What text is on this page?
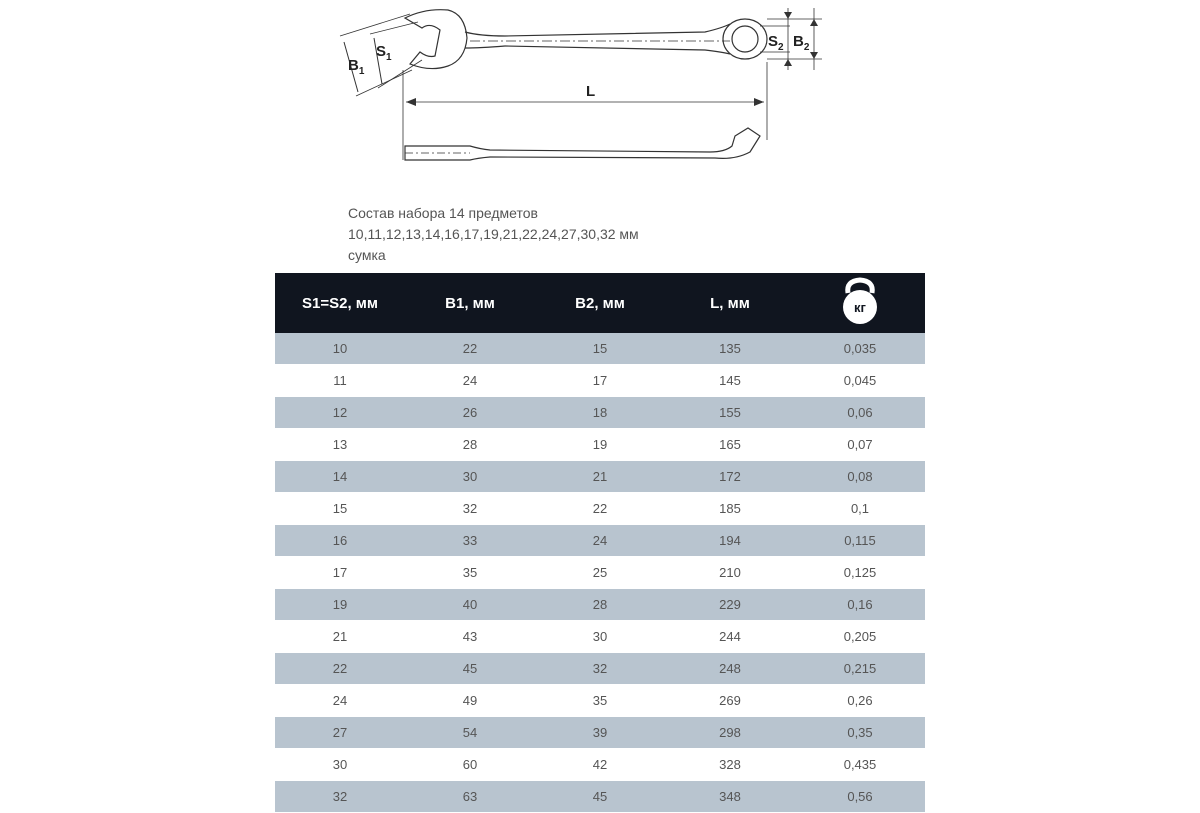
$B_1$
$S_1$
$S_2$ $B_2$
L
Состав набора 14 предметов
10,11,12,13,14,16,17,19,21,22,24,27,30,32 мм
сумка
S1=S2, мм	B1, мм	B2, мм	L, мм	кг

10	22	15	135	0,035
11	24	17	145	0,045
12	26	18	155	0,06
13	28	19	165	0,07
14	30	21	172	0,08
15	32	22	185	0,1
16	33	24	194	0,115
17	35	25	210	0,125
19	40	28	229	0,16
21	43	30	244	0,205
22	45	32	248	0,215
24	49	35	269	0,26
27	54	39	298	0,35
30	60	42	328	0,435
32	63	45	348	0,56
